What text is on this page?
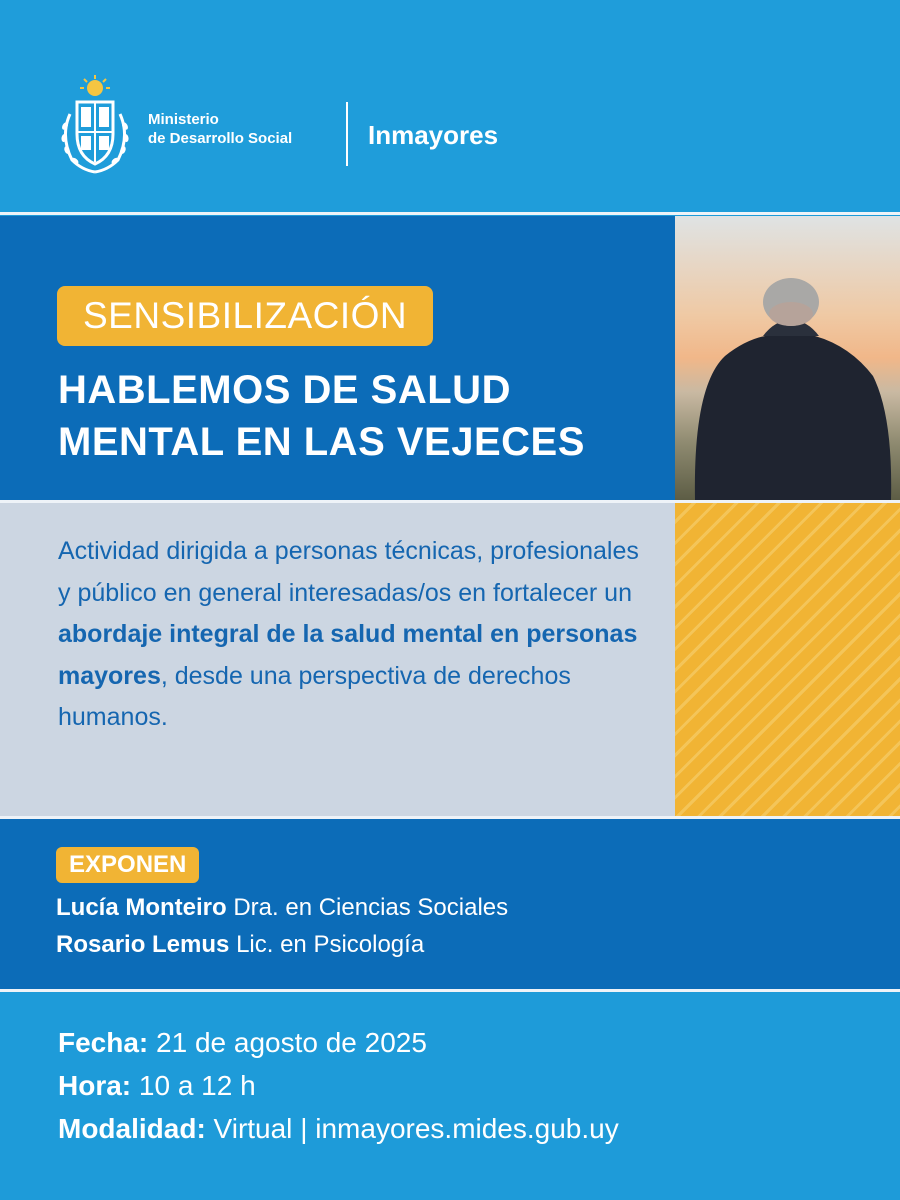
Ministerio
de Desarrollo Social	Inmayores
SENSIBILIZACIÓN
HABLEMOS DE SALUD
MENTAL EN LAS VEJECES
Actividad dirigida a personas técnicas, profesionales y público en general interesadas/os en fortalecer un abordaje integral de la salud mental en personas mayores, desde una perspectiva de derechos humanos.
EXPONEN
Lucía Monteiro Dra. en Ciencias Sociales
Rosario Lemus Lic. en Psicología
Fecha: 21 de agosto de 2025
Hora: 10 a 12 h
Modalidad: Virtual | inmayores.mides.gub.uy
